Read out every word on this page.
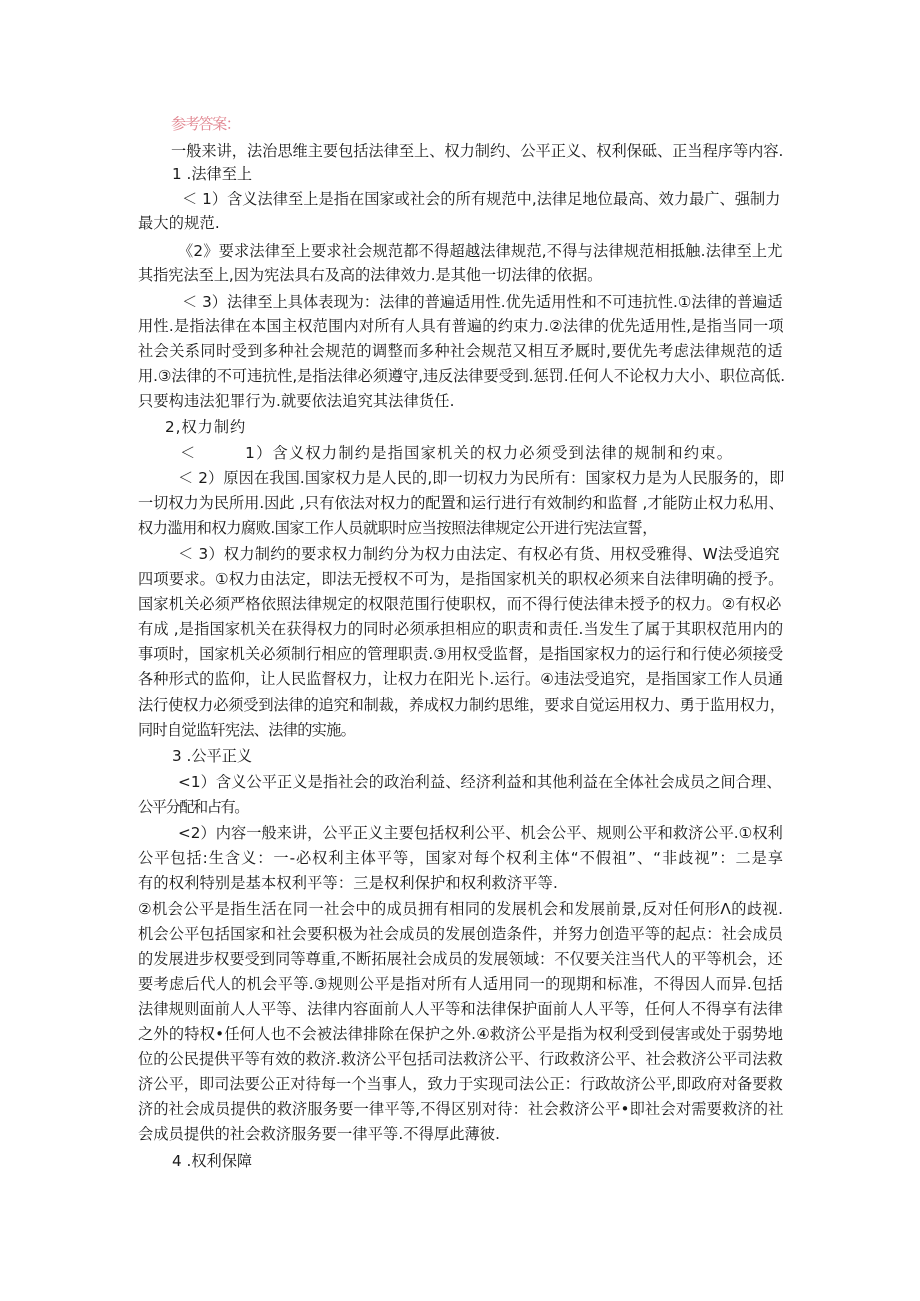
参考答案：
一般来讲，法治思维主要包括法律至上、权力制约、公平正义、权利保砥、正当程序等内容.
1 .法律至上
＜ 1）含义法律至上是指在国家或社会的所有规范中,法律足地位最高、效力最广、强制力
最大的规范.
《2》要求法律至上要求社会规范都不得超越法律规范,不得与法律规范相抵触.法律至上尤
其指宪法至上,因为宪法具右及高的法律效力.是其他一切法律的依据。
＜ 3）法律至上具体表现为：法律的普遍适用性.优先适用性和不可违抗性.①法律的普遍适
用性.是指法律在本国主权范围内对所有人具有普遍的约束力.②法律的优先适用性,是指当同一项
社会关系同时受到多种社会规范的调整而多种社会规范又相互矛厩时,要优先考虑法律规范的适
用.③法律的不可违抗性,是指法律必须遵守,违反法律要受到.惩罚.任何人不论权力大小、职位高低.
只要构违法犯罪行为.就要依法追究其法律货任.
2,权力制约
＜        1）含义权力制约是指国家机关的权力必须受到法律的规制和约束。
＜ 2）原因在我国.国家权力是人民的,即一切权力为民所有：国家权力是为人民服务的，即
一切权力为民所用.因此 ,只有依法对权力的配置和运行进行有效制约和监督 ,才能防止权力私用、
权力滥用和权力腐败.国家工作人员就职时应当按照法律规定公开进行宪法宣誓，
＜ 3）权力制约的要求权力制约分为权力由法定、有权必有货、用权受雅得、W法受追究
四项要求。①权力由法定，即法无授权不可为，是指国家机关的职权必须来自法律明确的授予。
国家机关必须严格依照法律规定的权限范围行使职权，而不得行使法律未授予的权力。②有权必
有成 ,是指国家机关在获得权力的同时必须承担相应的职责和责任.当发生了属于其职权范用内的
事项时，国家机关必须制行相应的管理职责.③用权受监督，是指国家权力的运行和行使必须接受
各种形式的监仰，让人民监督权力，让权力在阳光卜.运行。④违法受追究，是指国家工作人员通
法行使权力必须受到法律的追究和制裁，养成权力制约思维，要求自觉运用权力、勇于监用权力，
同时自觉监轩宪法、法律的实施。
3 .公平正义
<1）含义公平正义是指社会的政治利益、经济利益和其他利益在全体社会成员之间合理、
公平分配和占有。
<2）内容一般来讲，公平正义主要包括权利公平、机会公平、规则公平和救济公平.①权利
公平包括:生含义：一-必权利主体平等，国家对每个权利主体“不假祖”、“非歧视”：二是享
有的权利特别是基本权利平等：三是权利保护和权利救济平等.
②机会公平是指生活在同一社会中的成员拥有相同的发展机会和发展前景,反对任何形Λ的歧视.
机会公平包括国家和社会要积极为社会成员的发展创造条件，并努力创造平等的起点：社会成员
的发展进步权要受到同等尊重,不断拓展社会成员的发展领域：不仅要关注当代人的平等机会，还
要考虑后代人的机会平等.③规则公平是指对所有人适用同一的现期和标准，不得因人而异.包括
法律规则面前人人平等、法律内容面前人人平等和法律保护面前人人平等，任何人不得享有法律
之外的特权•任何人也不会被法律排除在保护之外.④救济公平是指为权利受到侵害或处于弱势地
位的公民提供平等有效的救济.救济公平包括司法救济公平、行政救济公平、社会救济公平司法救
济公平，即司法要公正对待每一个当事人，致力于实现司法公正：行政故济公平,即政府对备要救
济的社会成员提供的救济服务要一律平等,不得区别对待：社会救济公平•即社会对需要救济的社
会成员提供的社会救济服务要一律平等.不得厚此薄彼.
4 .权利保障
